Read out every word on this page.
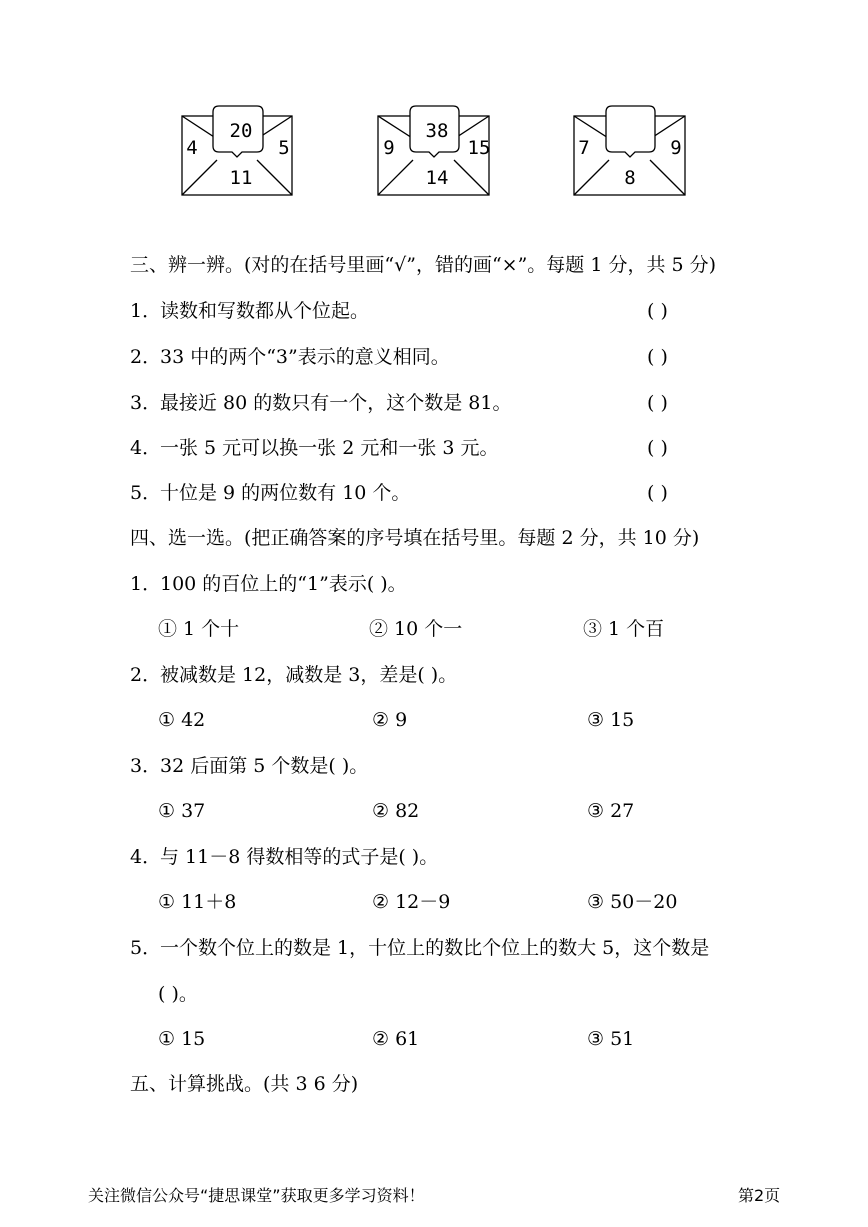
20
4	5
11
38
9	15
14
7	9
8
三、辨一辨。(对的在括号里画“√”，错的画“×”。每题 1 分，共 5 分)
1．
读数和写数都从个位起。	( )
2．
33 中的两个“3”表示的意义相同。	( )
3．
最接近 80 的数只有一个，这个数是 81。	( )
4．
一张 5 元可以换一张 2 元和一张 3 元。	( )
5．
十位是 9 的两位数有 10 个。	( )
四、选一选。(把正确答案的序号填在括号里。每题 2 分，共 10 分)
1．
100 的百位上的“1”表示( )。
① 1 个十	② 10 个一	③ 1 个百
2．
被减数是 12，减数是 3，差是( )。
① 42	② 9	③ 15
3．
32 后面第 5 个数是( )。
① 37	② 82	③ 27
4．
与 11－8 得数相等的式子是( )。
① 11＋8	② 12－9	③ 50－20
5．
一个数个位上的数是 1，十位上的数比个位上的数大 5，这个数是
( )。
① 15	② 61	③ 51
五、计算挑战。(共 3 6 分)
关注微信公众号“捷思课堂”获取更多学习资料！	第2页
